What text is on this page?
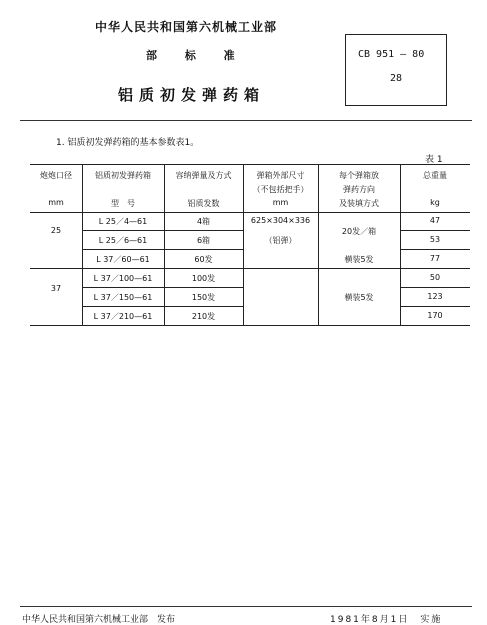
中华人民共和国第六机械工业部
部 标 准
铝质初发弹药箱
CB 951 — 80
28
1. 铝质初发弹药箱的基本参数表1。
表 1
炮炮口径
mm
铝质初发弹药箱
型　号
容纳弹量及方式
铝质发数
弹箱外部尺寸
（不包括把手）
mm
每个弹箱放
弹药方向
及装填方式
总重量
kg
25
37
L 25／4—61
L 25／6—61
L 37／60—61
L 37／100—61
L 37／150—61
L 37／210—61
4箱
6箱
60发
100发
150发
210发
625×304×336
（铝弹）
20发／箱
横装5发
横装5发
47
53
77
50
123
170
中华人民共和国第六机械工业部　发布	1981年8月1日　实施
